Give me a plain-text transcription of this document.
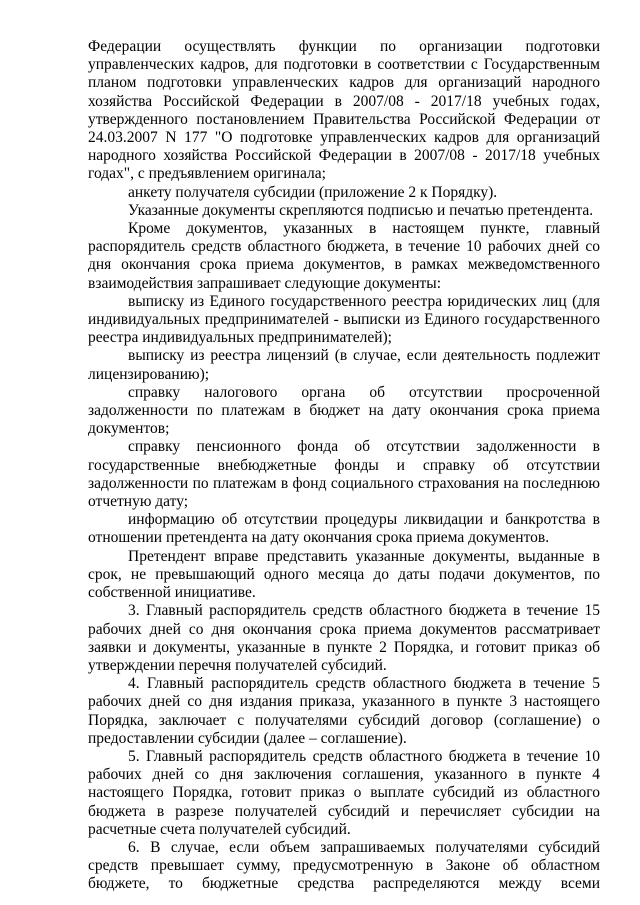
Федерации осуществлять функции по организации подготовки управленческих кадров, для подготовки в соответствии с Государственным планом подготовки управленческих кадров для организаций народного хозяйства Российской Федерации в 2007/08 - 2017/18 учебных годах, утвержденного постановлением Правительства Российской Федерации от 24.03.2007 N 177 "О подготовке управленческих кадров для организаций народного хозяйства Российской Федерации в 2007/08 - 2017/18 учебных годах", с предъявлением оригинала;

анкету получателя субсидии (приложение 2 к Порядку).

Указанные документы скрепляются подписью и печатью претендента.

Кроме документов, указанных в настоящем пункте, главный распорядитель средств областного бюджета, в течение 10 рабочих дней со дня окончания срока приема документов, в рамках межведомственного взаимодействия запрашивает следующие документы:

выписку из Единого государственного реестра юридических лиц (для индивидуальных предпринимателей - выписки из Единого государственного реестра индивидуальных предпринимателей);

выписку из реестра лицензий (в случае, если деятельность подлежит лицензированию);

справку налогового органа об отсутствии просроченной задолженности по платежам в бюджет на дату окончания срока приема документов;

справку пенсионного фонда об отсутствии задолженности в государственные внебюджетные фонды и справку об отсутствии задолженности по платежам в фонд социального страхования на последнюю отчетную дату;

информацию об отсутствии процедуры ликвидации и банкротства в отношении претендента на дату окончания срока приема документов.

Претендент вправе представить указанные документы, выданные в срок, не превышающий одного месяца до даты подачи документов, по собственной инициативе.

3. Главный распорядитель средств областного бюджета в течение 15 рабочих дней со дня окончания срока приема документов рассматривает заявки и документы, указанные в пункте 2 Порядка, и готовит приказ об утверждении перечня получателей субсидий.

4. Главный распорядитель средств областного бюджета в течение 5 рабочих дней со дня издания приказа, указанного в пункте 3 настоящего Порядка, заключает с получателями субсидий договор (соглашение) о предоставлении субсидии (далее – соглашение).

5. Главный распорядитель средств областного бюджета в течение 10 рабочих дней со дня заключения соглашения, указанного в пункте 4 настоящего Порядка, готовит приказ о выплате субсидий из областного бюджета в разрезе получателей субсидий и перечисляет субсидии на расчетные счета получателей субсидий.

6. В случае, если объем запрашиваемых получателями субсидий средств превышает сумму, предусмотренную в Законе об областном бюджете, то бюджетные средства распределяются между всеми
